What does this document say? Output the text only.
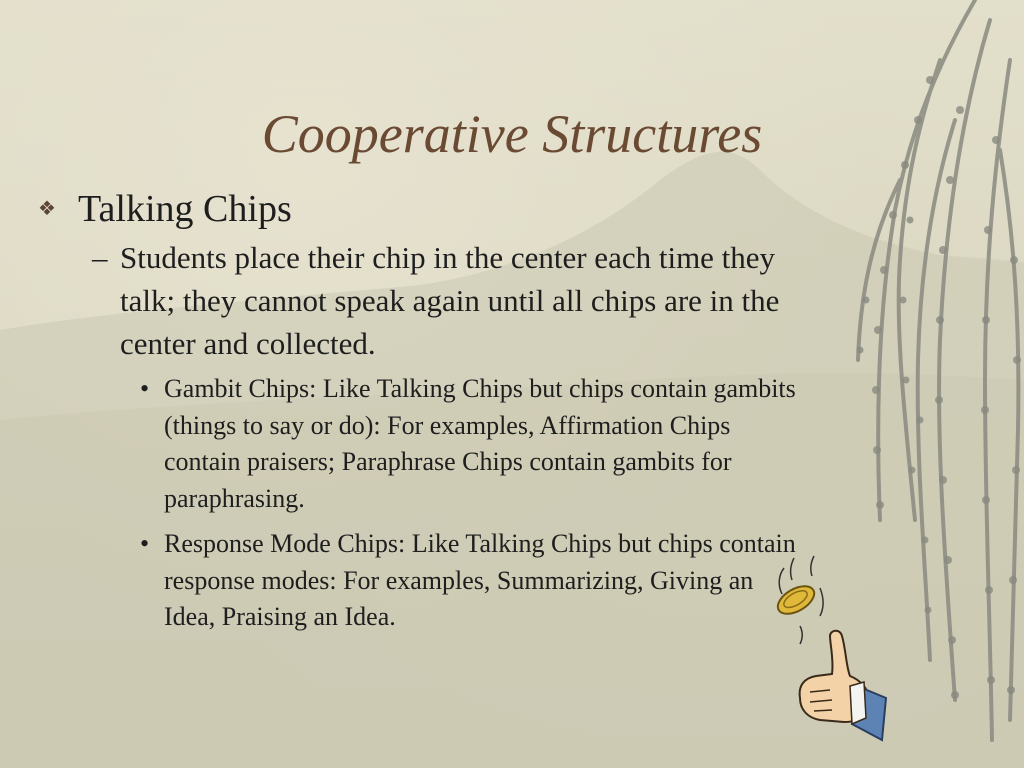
Cooperative Structures
❖ Talking Chips
– Students place their chip in the center each time they talk; they cannot speak again until all chips are in the center and collected.
• Gambit Chips: Like Talking Chips but chips contain gambits (things to say or do): For examples, Affirmation Chips contain praisers; Paraphrase Chips contain gambits for paraphrasing.
• Response Mode Chips: Like Talking Chips but chips contain response modes: For examples, Summarizing, Giving an Idea, Praising an Idea.
